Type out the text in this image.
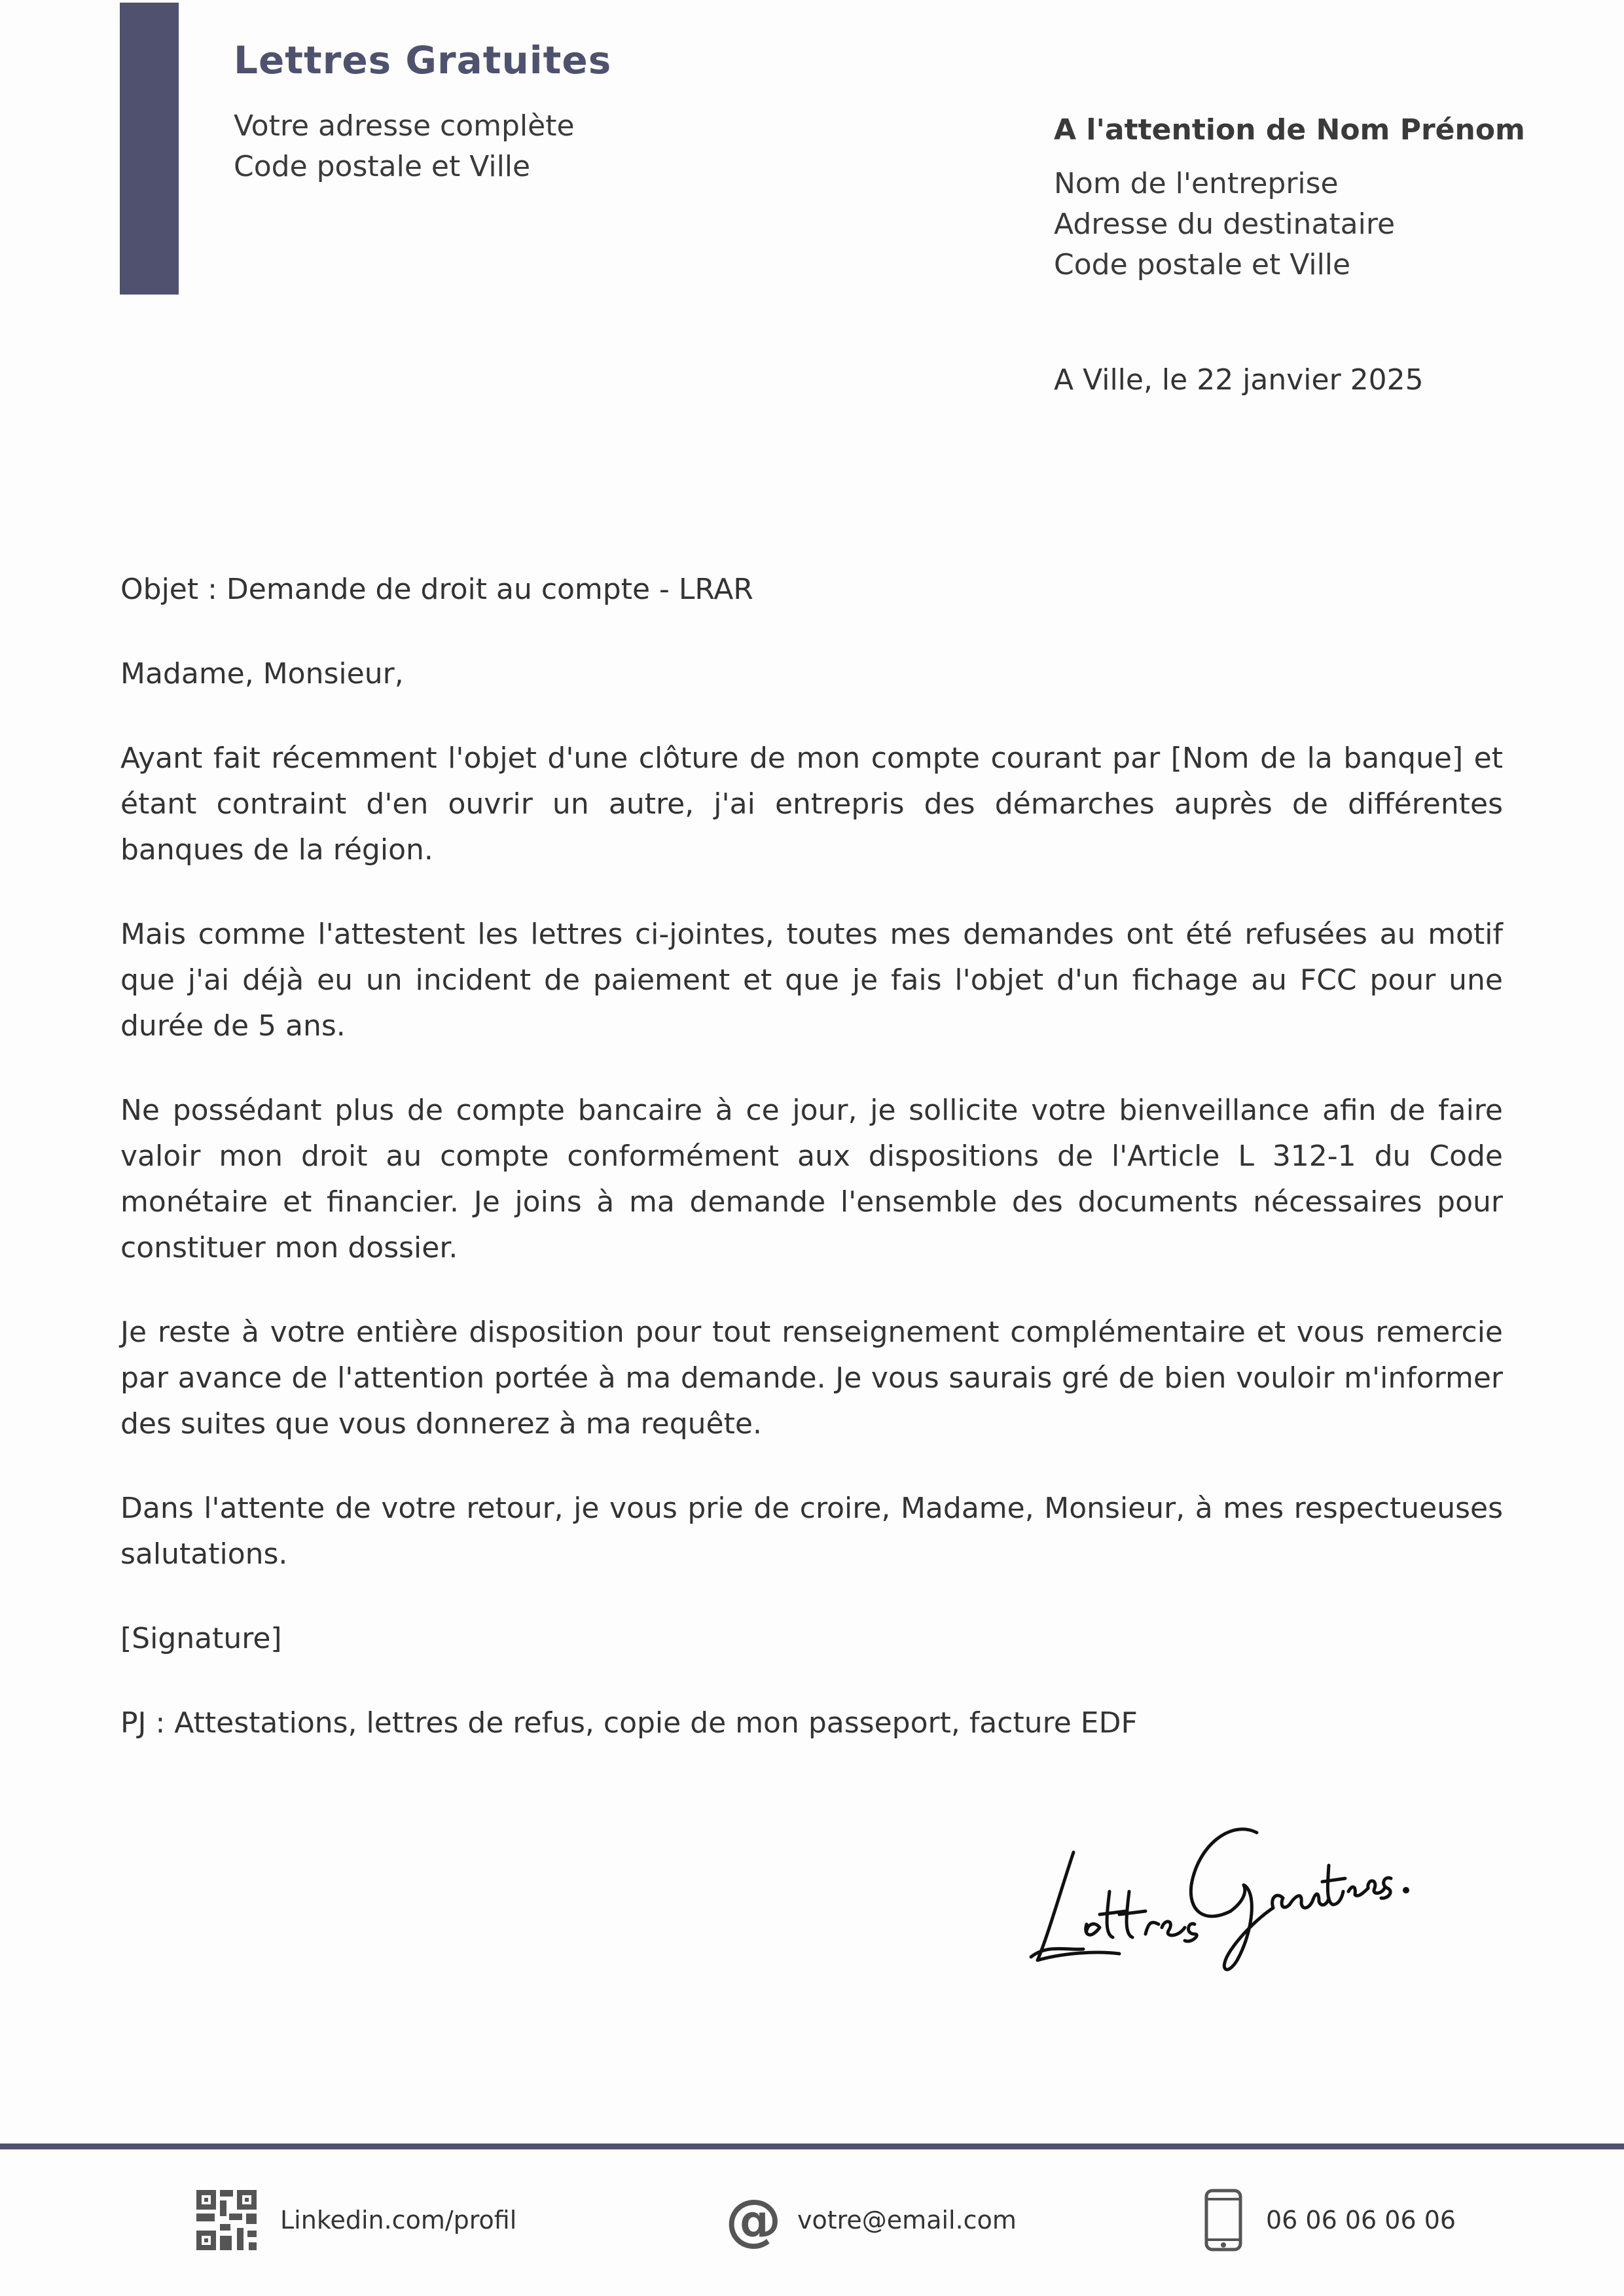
Lettres Gratuites
Votre adresse complète
Code postale et Ville
A l'attention de Nom Prénom
Nom de l'entreprise
Adresse du destinataire
Code postale et Ville
A Ville, le 22 janvier 2025

Objet : Demande de droit au compte - LRAR

Madame, Monsieur,

Ayant fait récemment l'objet d'une clôture de mon compte courant par [Nom de la banque] et étant contraint d'en ouvrir un autre, j'ai entrepris des démarches auprès de différentes banques de la région.

Mais comme l'attestent les lettres ci-jointes, toutes mes demandes ont été refusées au motif que j'ai déjà eu un incident de paiement et que je fais l'objet d'un fichage au FCC pour une durée de 5 ans.

Ne possédant plus de compte bancaire à ce jour, je sollicite votre bienveillance afin de faire valoir mon droit au compte conformément aux dispositions de l'Article L 312-1 du Code monétaire et financier. Je joins à ma demande l'ensemble des documents nécessaires pour constituer mon dossier.

Je reste à votre entière disposition pour tout renseignement complémentaire et vous remercie par avance de l'attention portée à ma demande. Je vous saurais gré de bien vouloir m'informer des suites que vous donnerez à ma requête.

Dans l'attente de votre retour, je vous prie de croire, Madame, Monsieur, à mes respectueuses salutations.

[Signature]

PJ : Attestations, lettres de refus, copie de mon passeport, facture EDF

Linkedin.com/profil	@ votre@email.com	06 06 06 06 06
